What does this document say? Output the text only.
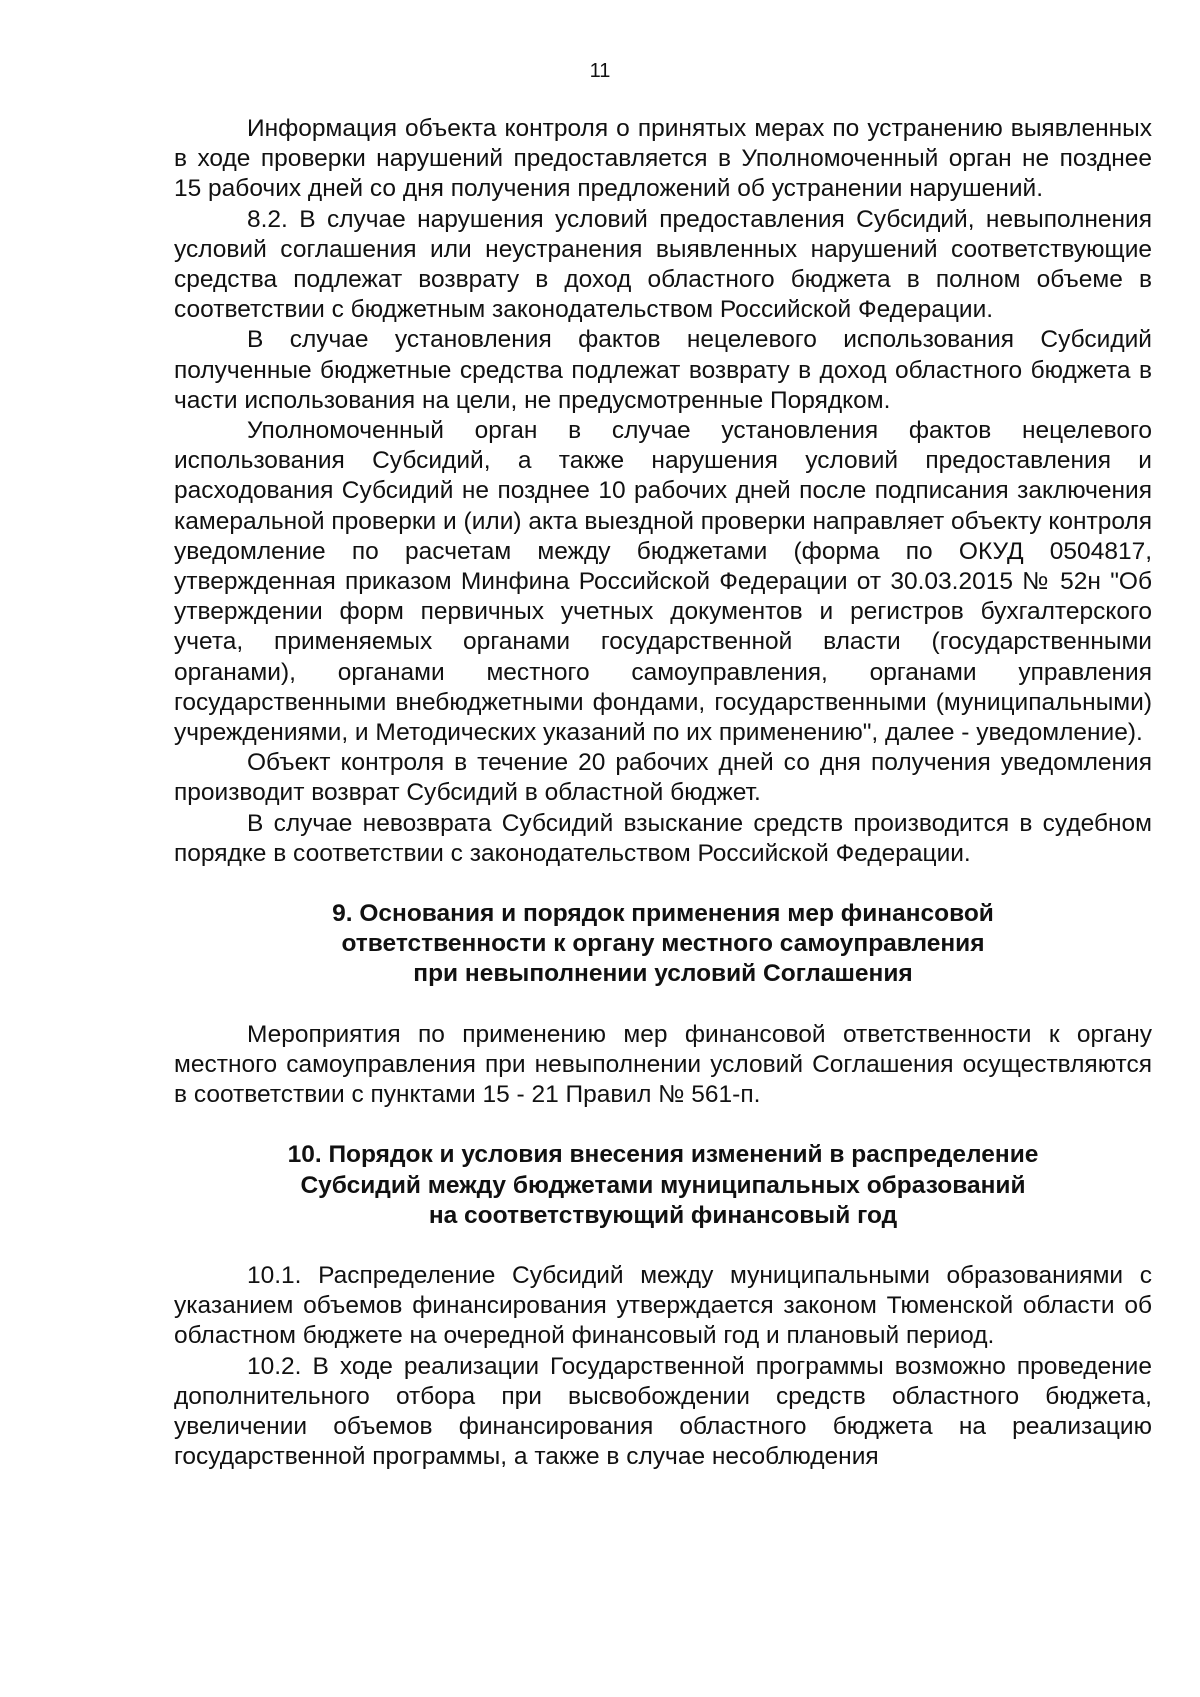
11

Информация объекта контроля о принятых мерах по устранению выявленных в ходе проверки нарушений предоставляется в Уполномоченный орган не позднее 15 рабочих дней со дня получения предложений об устранении нарушений.

8.2. В случае нарушения условий предоставления Субсидий, невыполнения условий соглашения или неустранения выявленных нарушений соответствующие средства подлежат возврату в доход областного бюджета в полном объеме в соответствии с бюджетным законодательством Российской Федерации.

В случае установления фактов нецелевого использования Субсидий полученные бюджетные средства подлежат возврату в доход областного бюджета в части использования на цели, не предусмотренные Порядком.

Уполномоченный орган в случае установления фактов нецелевого использования Субсидий, а также нарушения условий предоставления и расходования Субсидий не позднее 10 рабочих дней после подписания заключения камеральной проверки и (или) акта выездной проверки направляет объекту контроля уведомление по расчетам между бюджетами (форма по ОКУД 0504817, утвержденная приказом Минфина Российской Федерации от 30.03.2015 № 52н "Об утверждении форм первичных учетных документов и регистров бухгалтерского учета, применяемых органами государственной власти (государственными органами), органами местного самоуправления, органами управления государственными внебюджетными фондами, государственными (муниципальными) учреждениями, и Методических указаний по их применению", далее - уведомление).

Объект контроля в течение 20 рабочих дней со дня получения уведомления производит возврат Субсидий в областной бюджет.

В случае невозврата Субсидий взыскание средств производится в судебном порядке в соответствии с законодательством Российской Федерации.

9. Основания и порядок применения мер финансовой
ответственности к органу местного самоуправления
при невыполнении условий Соглашения

Мероприятия по применению мер финансовой ответственности к органу местного самоуправления при невыполнении условий Соглашения осуществляются в соответствии с пунктами 15 - 21 Правил № 561-п.

10. Порядок и условия внесения изменений в распределение
Субсидий между бюджетами муниципальных образований
на соответствующий финансовый год

10.1. Распределение Субсидий между муниципальными образованиями с указанием объемов финансирования утверждается законом Тюменской области об областном бюджете на очередной финансовый год и плановый период.

10.2. В ходе реализации Государственной программы возможно проведение дополнительного отбора при высвобождении средств областного бюджета, увеличении объемов финансирования областного бюджета на реализацию государственной программы, а также в случае несоблюдения
